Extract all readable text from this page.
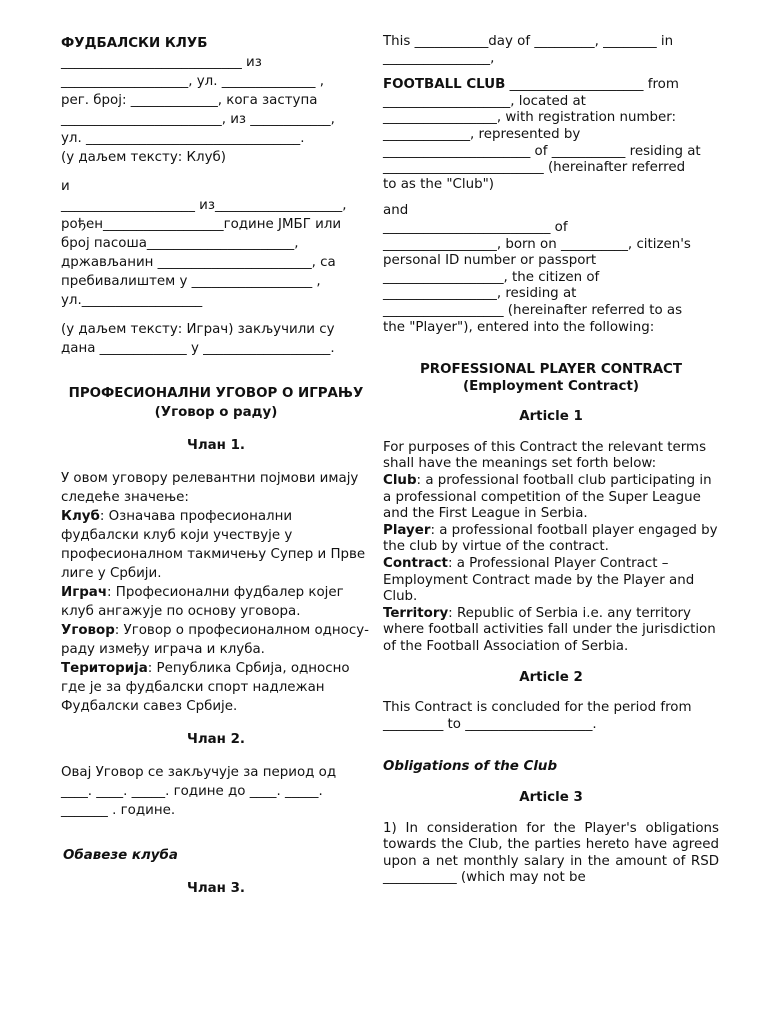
ФУДБАЛСКИ КЛУБ

___________________________ из

___________________, ул. ______________ ,

рег. број: _____________, кога заступа

________________________, из ____________,

ул. ________________________________.

(у даљем тексту: Клуб)

и

____________________ из___________________,

рођен__________________године ЈМБГ или

број пасоша______________________,

држављанин _______________________, са

пребивалиштем у __________________ ,

ул.__________________

(у даљем тексту: Играч) закључили су

дана _____________ у ___________________.

ПРОФЕСИОНАЛНИ УГОВОР О ИГРАЊУ

(Уговор о раду)

Члан 1.

У овом уговору релевантни појмови имају следеће значење:

Клуб: Означава професионални фудбалски клуб који учествује у професионалном такмичењу Супер и Прве лиге у Србији.

Играч: Професионални фудбалер којег клуб ангажује по основу уговора.

Уговор: Уговор о професионалном односу-раду између играча и клуба.

Територија: Република Србија, односно где је за фудбалски спорт надлежан Фудбалски савез Србије.

Члан 2.

Овај Уговор се закључује за период од

____. ____. _____. године до ____. _____.

_______ . године.

Обавезе клуба

Члан 3.

This ___________day of _________, ________ in

________________,

FOOTBALL CLUB ____________________ from

___________________, located at

_________________, with registration number:

_____________, represented by

______________________ of ___________ residing at

________________________ (hereinafter referred

to as the "Club")

and

_________________________ of

_________________, born on __________, citizen's

personal ID number or passport

__________________, the citizen of

_________________, residing at

__________________ (hereinafter referred to as

the "Player"), entered into the following:

PROFESSIONAL PLAYER CONTRACT

(Employment Contract)

Article 1

For purposes of this Contract the relevant terms shall have the meanings set forth below:

Club: a professional football club participating in a professional competition of the Super League and the First League in Serbia.

Player: a professional football player engaged by the club by virtue of the contract.

Contract: a Professional Player Contract – Employment Contract made by the Player and Club.

Territory: Republic of Serbia i.e. any territory where football activities fall under the jurisdiction of the Football Association of Serbia.

Article 2

This Contract is concluded for the period from

_________ to ___________________.

Obligations of the Club

Article 3

1) In consideration for the Player's obligations towards the Club, the parties hereto have agreed upon a net monthly salary in the amount of RSD ___________ (which may not be
